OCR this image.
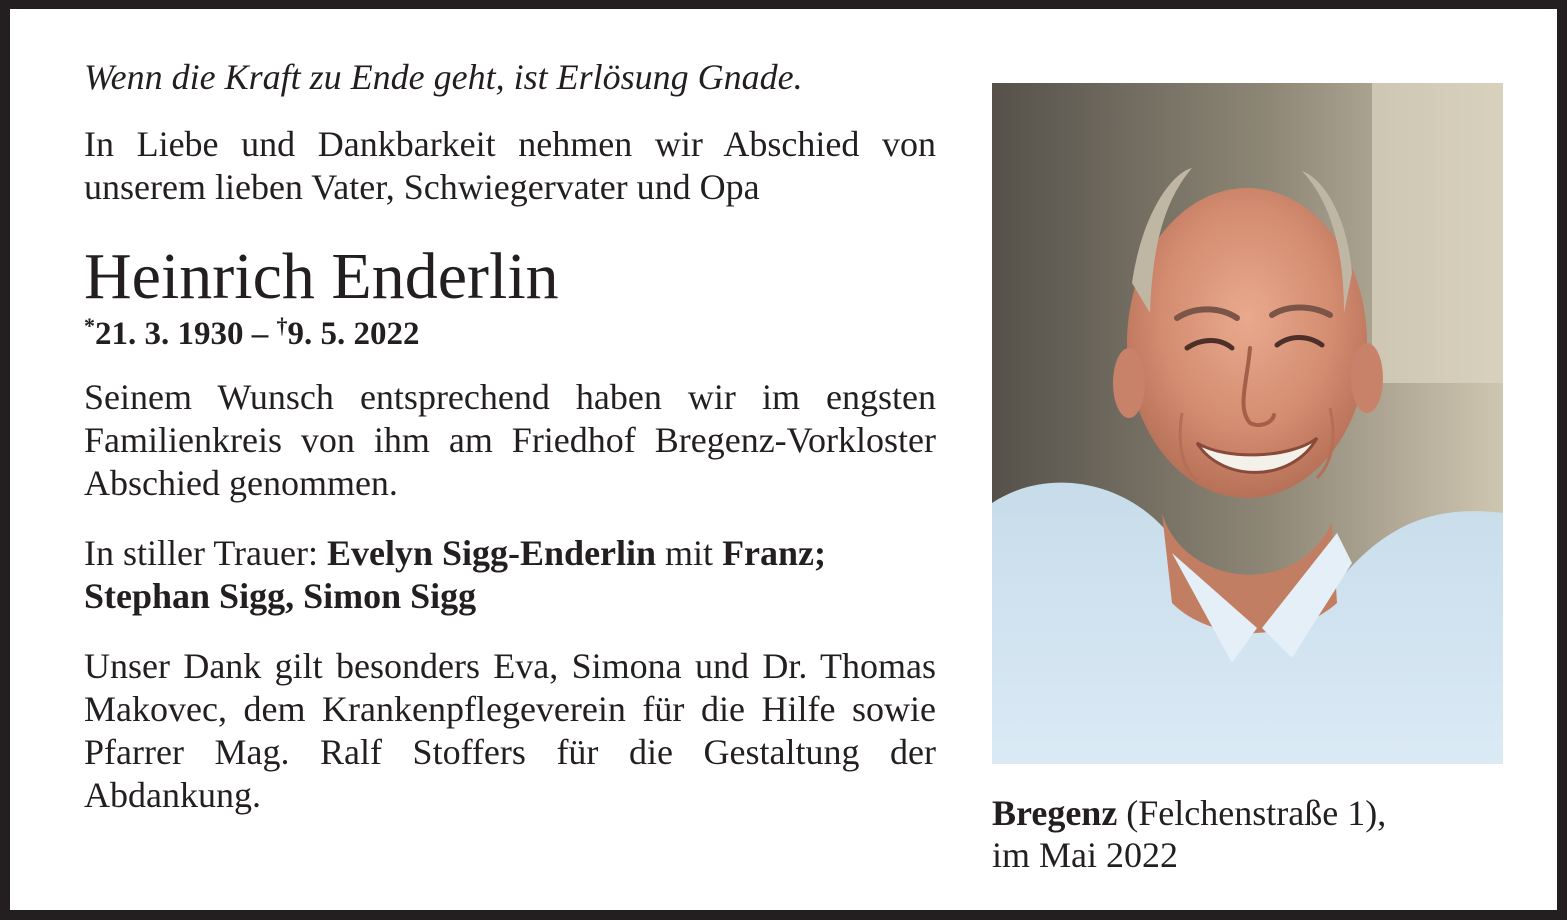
Wenn die Kraft zu Ende geht, ist Erlösung Gnade.

In Liebe und Dankbarkeit nehmen wir Abschied von unserem lieben Vater, Schwiegervater und Opa

Heinrich Enderlin
*21. 3. 1930 – †9. 5. 2022

Seinem Wunsch entsprechend haben wir im engsten Familienkreis von ihm am Friedhof Bregenz-Vorkloster Abschied genommen.

In stiller Trauer: Evelyn Sigg-Enderlin mit Franz;
Stephan Sigg, Simon Sigg

Unser Dank gilt besonders Eva, Simona und Dr. Thomas Makovec, dem Krankenpflegeverein für die Hilfe sowie Pfarrer Mag. Ralf Stoffers für die Gestaltung der Abdankung.	Bregenz (Felchenstraße 1),
im Mai 2022
